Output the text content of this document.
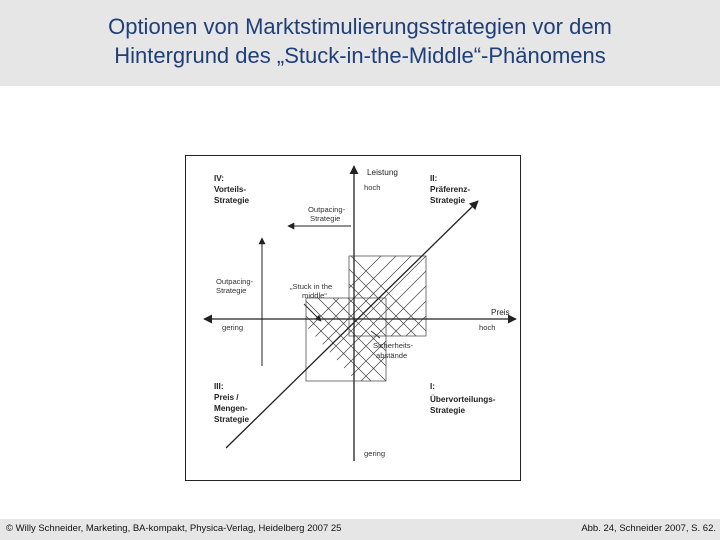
Optionen von Marktstimulierungsstrategien vor dem
Hintergrund des „Stuck-in-the-Middle“-Phänomens
Leistung
hoch
gering
Preis
hoch
gering
IV:
Vorteils-
Strategie
II:
Präferenz-
Strategie
III:
Preis /
Mengen-
Strategie
I:
Übervorteilungs-
Strategie
Outpacing-
Strategie
Outpacing-
Strategie	„Stuck in the
middle“
Sicherheits-
abstände
© Willy Schneider, Marketing, BA-kompakt, Physica-Verlag, Heidelberg 2007 25	Abb. 24, Schneider 2007, S. 62.
